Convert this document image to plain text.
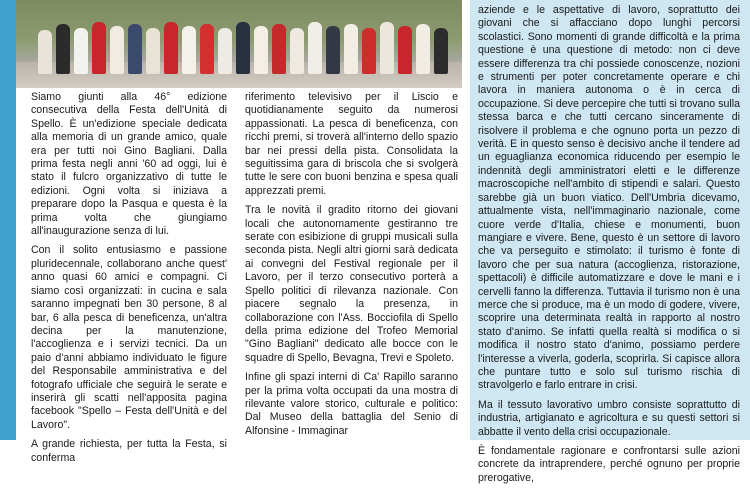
Siamo giunti alla 46° edizione consecutiva della Festa dell'Unità di Spello. È un'edizione speciale dedicata alla memoria di un grande amico, quale era per tutti noi Gino Bagliani. Dalla prima festa negli anni '60 ad oggi, lui è stato il fulcro organizzativo di tutte le edizioni. Ogni volta si iniziava a preparare dopo la Pasqua e questa è la prima volta che giungiamo all'inaugurazione senza di lui.

Con il solito entusiasmo e passione pluridecennale, collaborano anche quest' anno quasi 60 amici e compagni. Ci siamo così organizzati: in cucina e sala saranno impegnati ben 30 persone, 8 al bar, 6 alla pesca di beneficenza, un'altra decina per la manutenzione, l'accoglienza e i servizi tecnici. Da un paio d'anni abbiamo individuato le figure del Responsabile amministrativa e del fotografo ufficiale che seguirà le serate e inserirà gli scatti nell'apposita pagina facebook "Spello – Festa dell'Unità e del Lavoro".

A grande richiesta, per tutta la Festa, si conferma

riferimento televisivo per il Liscio e quotidianamente seguito da numerosi appassionati. La pesca di beneficenza, con ricchi premi, si troverà all'interno dello spazio bar nei pressi della pista. Consolidata la seguitissima gara di briscola che si svolgerà tutte le sere con buoni benzina e spesa quali apprezzati premi.

Tra le novità il gradito ritorno dei giovani locali che autonomamente gestiranno tre serate con esibizione di gruppi musicali sulla seconda pista. Negli altri giorni sarà dedicata ai convegni del Festival regionale per il Lavoro, per il terzo consecutivo porterà a Spello politici di rilevanza nazionale. Con piacere segnalo la presenza, in collaborazione con l'Ass. Bocciofila di Spello della prima edizione del Trofeo Memorial "Gino Bagliani" dedicato alle bocce con le squadre di Spello, Bevagna, Trevi e Spoleto.

Infine gli spazi interni di Ca' Rapillo saranno per la prima volta occupati da una mostra di rilevante valore storico, culturale e politico: Dal Museo della battaglia del Senio di Alfonsine - Immaginar

aziende e le aspettative di lavoro, soprattutto dei giovani che si affacciano dopo lunghi percorsi scolastici. Sono momenti di grande difficoltà e la prima questione è una questione di metodo: non ci deve essere differenza tra chi possiede conoscenze, nozioni e strumenti per poter concretamente operare e chi lavora in maniera autonoma o è in cerca di occupazione. Si deve percepire che tutti si trovano sulla stessa barca e che tutti cercano sinceramente di risolvere il problema e che ognuno porta un pezzo di verità. E in questo senso è decisivo anche il tendere ad un eguaglianza economica riducendo per esempio le indennità degli amministratori eletti e le differenze macroscopiche nell'ambito di stipendi e salari. Questo sarebbe già un buon viatico. Dell'Umbria dicevamo, attualmente vista, nell'immaginario nazionale, come cuore verde d'Italia, chiese e monumenti, buon mangiare e vivere. Bene, questo è un settore di lavoro che va perseguito e stimolato: il turismo è fonte di lavoro che per sua natura (accoglienza, ristorazione, spettacoli) è difficile automatizzare e dove le mani e i cervelli fanno la differenza. Tuttavia il turismo non è una merce che si produce, ma è un modo di godere, vivere, scoprire una determinata realtà in rapporto al nostro stato d'animo. Se infatti quella realtà si modifica o si modifica il nostro stato d'animo, possiamo perdere l'interesse a viverla, goderla, scoprirla. Si capisce allora che puntare tutto e solo sul turismo rischia di stravolgerlo e farlo entrare in crisi.

Ma il tessuto lavorativo umbro consiste soprattutto di industria, artigianato e agricoltura e su questi settori si abbatte il vento della crisi occupazionale.

È fondamentale ragionare e confrontarsi sulle azioni concrete da intraprendere, perché ognuno per proprie prerogative,
